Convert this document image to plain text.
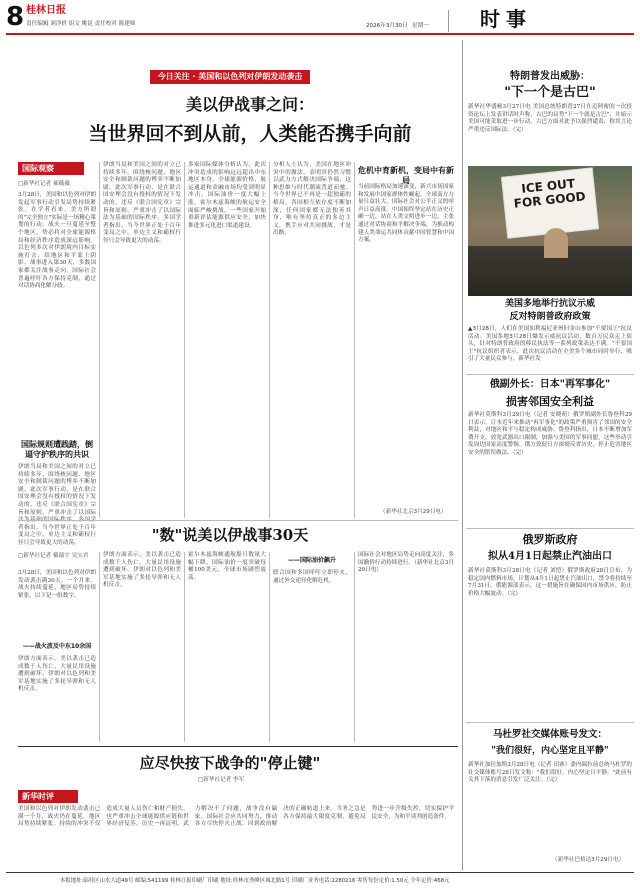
8 桂林日报
责任编辑 刘净价 组文 姚昆 责任校对 陈建师	2026年3月30日 星期一	时事
今日关注 · 美国和以色列对伊朗发动袭击
美以伊战事之问：
当世界回不到从前，人类能否携手向前
国际观察
□新华社记者 郝薇薇
3月28日，美国和以色列对伊朗发起军事行动引发局势持续紧张。在学者看来，美方所谓的"完全独立"实际是一场精心策划的行动，战火一旦蔓延至整个地区，势必将对全球能源格局和经济秩序造成深远影响。以色列多次对伊朗境内目标实施打击，给地区和平蒙上阴影。战事进入第30天，多数国家都关注战事走向，国际社会普遍呼吁各方保持克制，通过对话协商化解分歧。
国际规则遭践踏，倒逼守护秩序的共识
伊朗当局和美国之间的对立已持续多年，围绕核问题、地区安全和制裁问题的博弈不断加剧。此次军事行动，是在联合国安理会没有授权的情况下发动的，违反《联合国宪章》宗旨和原则，严重冲击了以国际 者指出，当今世界正处于百年变局之中，单边主义和霸权行径只会导致更大的动荡。
伊朗当局和美国之间的对立已持续多年，围绕核问题、地区安全和制裁问题的博弈不断加剧。此次军事行动，是在联合国安理会没有授权的情况下发动的，违反《联合国宪章》宗旨和原则，严重冲击了以国际法为基础的国际秩序。多国学者指出，当今世界正处于百年变局之中，单边主义和霸权行径只会导致更大的动荡。
多家国际媒体分析认为，此次冲突造成的影响远远超出中东地区本身，全球能源价格、航运通道和金融市场均受到明显冲击。国际油价一度大幅上涨，霍尔木兹海峡的航运安全面临严峻挑战。一些国家开始重新评估能源供应安全，加快推进多元化进口渠道建设。
分析人士认为，美国在地区冲突中的做法，表明其仍然习惯以武力方式解决国际争端，这种思维与时代潮流背道而驰。当今世界已不再是一超独霸的格局，各国相互依存度不断加深，任何国家都无法独善其身，唯有坚持真正的多边主义，携手应对共同挑战，才是出路。
危机中育新机，变局中有新局
当前国际格局加速演变，新兴市场国家和发展中国家群体性崛起，全球南方力量日益壮大，国际社会对公平正义的呼声日益高涨。中国始终坚定站在历史正确一边，站在人类文明进步一边，主张通过对话协商和平解决争端，为推动构建人类命运共同体贡献中国智慧和中国方案。
（新华社北京3月29日电）
"数"说美以伊战事30天
□新华社记者 戴瑞宇 吴宝君
3月28日，美国和以色列对伊朗发动袭击满30天。一个月来，战火持续蔓延，地区局势持续紧张。以下是一组数字。
——战火波及中东10余国
伊朗方面表示，美以袭击已造成数千人伤亡，大量民用设施遭到破坏。伊朗对以色列和美军基地实施了多轮导弹和无人机反击。
伊朗方面表示，美以袭击已造成数千人伤亡，大量民用设施遭到破坏。伊朗对以色列和美军基地实施了多轮导弹和无人机反击。
霍尔木兹海峡通航船只数量大幅下降，国际油价一度突破每桶100美元，全球市场剧烈震荡。
——国际油价飙升
联合国和多国呼吁立即停火，通过外交途径化解危机。
国际社会对地区局势走向高度关注，多国撤侨行动持续进行。（新华社北京3月29日电）
应尽快按下战争的"停止键"
□新华社记者 李军
新华时评
美国和以色列对伊朗发动袭击已满一个月，战火仍在蔓延，地区局势持续紧张。持续的冲突不仅造成大量人员伤亡和财产损失，也严重冲击全球能源供应链和世界经济复苏。历史一再证明，武力解决不了问题，战争没有赢家。国际社会应共同努力，推动各方尽快停火止战，回到政治解决的正确轨道上来。当务之急是各方保持最大限度克制，避免局势进一步升级失控，切实保护平民安全，为和平谈判创造条件。
特朗普发出威胁：
"下一个是古巴"
新华社华盛顿3月27日电 美国总统特朗普27日在迈阿密的一次投资论坛上发表讲话时声称，古巴的局势"下一个就是古巴"，并暗示美国可能采取进一步行动。古巴方面对此予以强烈谴责，称其言论严重违反国际法。（完）
ICE OUT FOR GOOD
美国多地举行抗议示威
反对特朗普政府政策
▲3月28日，人们在美国加利福尼亚州旧金山参加"不要国王"抗议活动。美国多地3月28日爆发示威抗议活动，数百万民众走上街头，针对特朗普政府的移民执法等一系列政策表达不满。"不要国王"抗议组织者表示，此次抗议活动在全美多个城市同时举行，吸引了大量民众参与。新华社发
俄副外长：日本"再军事化"
损害邻国安全利益
新华社莫斯科3月29日电（记者 安晓萌）俄罗斯副外长鲁登科29日表示，日本近年来推动"再军事化"的政策严重损害了邻国的安全利益，对地区和平与稳定构成威胁。鲁登科指出，日本不断增加军费开支，放宽武器出口限制，加强与美国的军事同盟，这些举动引发周边国家高度警惕。俄方敦促日方深刻反省历史，停止危害地区安全的错误做法。（完）
俄罗斯政府
拟从4月1日起禁止汽油出口
新华社莫斯科3月28日电（记者 刘恺）俄罗斯政府28日宣布，为稳定国内燃料市场，计划从4月1日起禁止汽油出口，禁令将持续至7月31日。俄能源部表示，这一措施旨在确保国内市场供应，防止价格大幅波动。（完）
马杜罗社交媒体账号发文：
"我们很好，内心坚定且平静"
新华社加拉加斯3月28日电（记者 田睿）委内瑞拉前总统马杜罗的社交媒体账号28日发文称："我们很好，内心坚定且平静。"此前有关其下落的消息引发广泛关注。（完）
（新华社巴格达3月29日电）
本报地址:临桂区山水大道49号 邮编:541199 桂林日报印刷厂印刷 地址:桂林市秀峰区城北路1号 印刷厂业务电话:2280216 零售每份定价:1.50元 全年定价:468元
